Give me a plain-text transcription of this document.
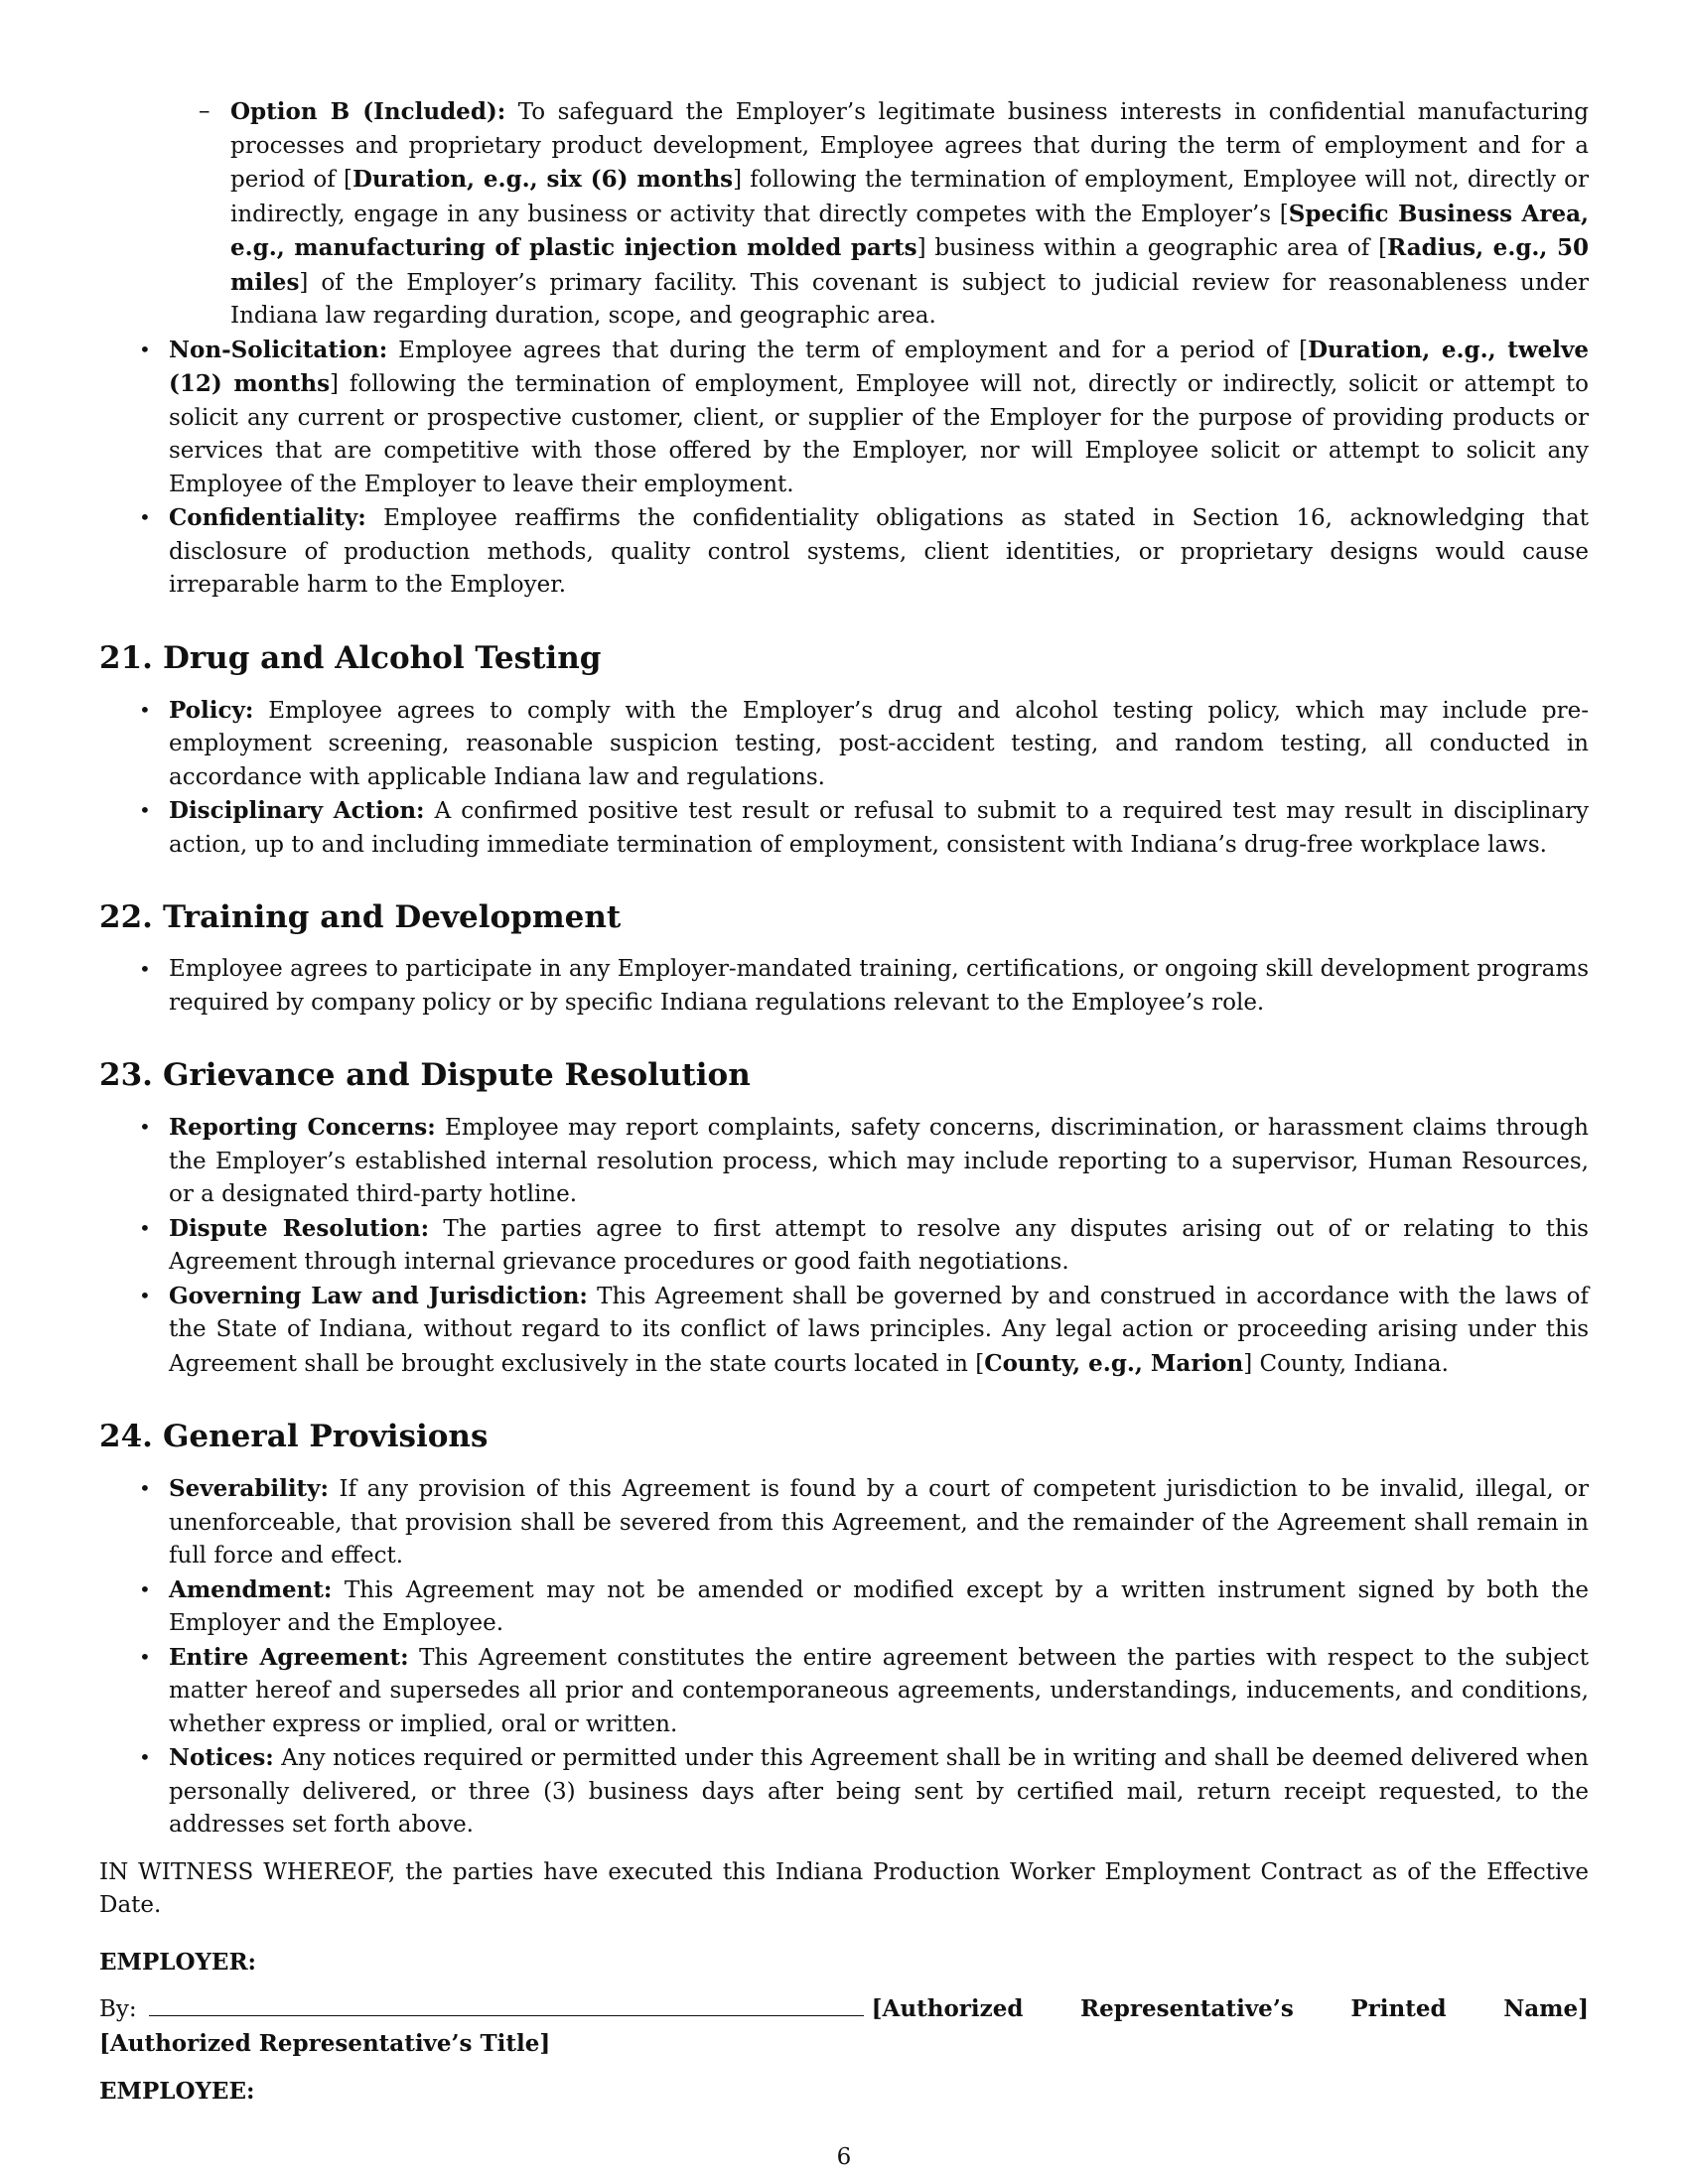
– Option B (Included): To safeguard the Employer’s legitimate business interests in confidential manufacturing processes and proprietary product development, Employee agrees that during the term of employment and for a period of [Duration, e.g., six (6) months] following the termination of employment, Employee will not, directly or indirectly, engage in any business or activity that directly competes with the Employer’s [Specific Business Area, e.g., manufacturing of plastic injection molded parts] business within a geographic area of [Radius, e.g., 50 miles] of the Employer’s primary facility. This covenant is subject to judicial review for reasonableness under Indiana law regarding duration, scope, and geographic area.

• Non-Solicitation: Employee agrees that during the term of employment and for a period of [Duration, e.g., twelve (12) months] following the termination of employment, Employee will not, directly or indirectly, solicit or attempt to solicit any current or prospective customer, client, or supplier of the Employer for the purpose of providing products or services that are competitive with those offered by the Employer, nor will Employee solicit or attempt to solicit any Employee of the Employer to leave their employment.
• Confidentiality: Employee reaffirms the confidentiality obligations as stated in Section 16, acknowledging that disclosure of production methods, quality control systems, client identities, or proprietary designs would cause irreparable harm to the Employer.
21. Drug and Alcohol Testing
• Policy: Employee agrees to comply with the Employer’s drug and alcohol testing policy, which may include pre-employment screening, reasonable suspicion testing, post-accident testing, and random testing, all conducted in accordance with applicable Indiana law and regulations.
• Disciplinary Action: A confirmed positive test result or refusal to submit to a required test may result in disciplinary action, up to and including immediate termination of employment, consistent with Indiana’s drug-free workplace laws.
22. Training and Development
• Employee agrees to participate in any Employer-mandated training, certifications, or ongoing skill development programs required by company policy or by specific Indiana regulations relevant to the Employee’s role.
23. Grievance and Dispute Resolution
• Reporting Concerns: Employee may report complaints, safety concerns, discrimination, or harassment claims through the Employer’s established internal resolution process, which may include reporting to a supervisor, Human Resources, or a designated third-party hotline.
• Dispute Resolution: The parties agree to first attempt to resolve any disputes arising out of or relating to this Agreement through internal grievance procedures or good faith negotiations.
• Governing Law and Jurisdiction: This Agreement shall be governed by and construed in accordance with the laws of the State of Indiana, without regard to its conflict of laws principles. Any legal action or proceeding arising under this Agreement shall be brought exclusively in the state courts located in [County, e.g., Marion] County, Indiana.
24. General Provisions
• Severability: If any provision of this Agreement is found by a court of competent jurisdiction to be invalid, illegal, or unenforceable, that provision shall be severed from this Agreement, and the remainder of the Agreement shall remain in full force and effect.
• Amendment: This Agreement may not be amended or modified except by a written instrument signed by both the Employer and the Employee.
• Entire Agreement: This Agreement constitutes the entire agreement between the parties with respect to the subject matter hereof and supersedes all prior and contemporaneous agreements, understandings, inducements, and conditions, whether express or implied, oral or written.
• Notices: Any notices required or permitted under this Agreement shall be in writing and shall be deemed delivered when personally delivered, or three (3) business days after being sent by certified mail, return receipt requested, to the addresses set forth above.

IN WITNESS WHEREOF, the parties have executed this Indiana Production Worker Employment Contract as of the Effective Date.

EMPLOYER:
By:	[Authorized Representative’s Printed Name] [Authorized Representative’s Title]
EMPLOYEE:
6
